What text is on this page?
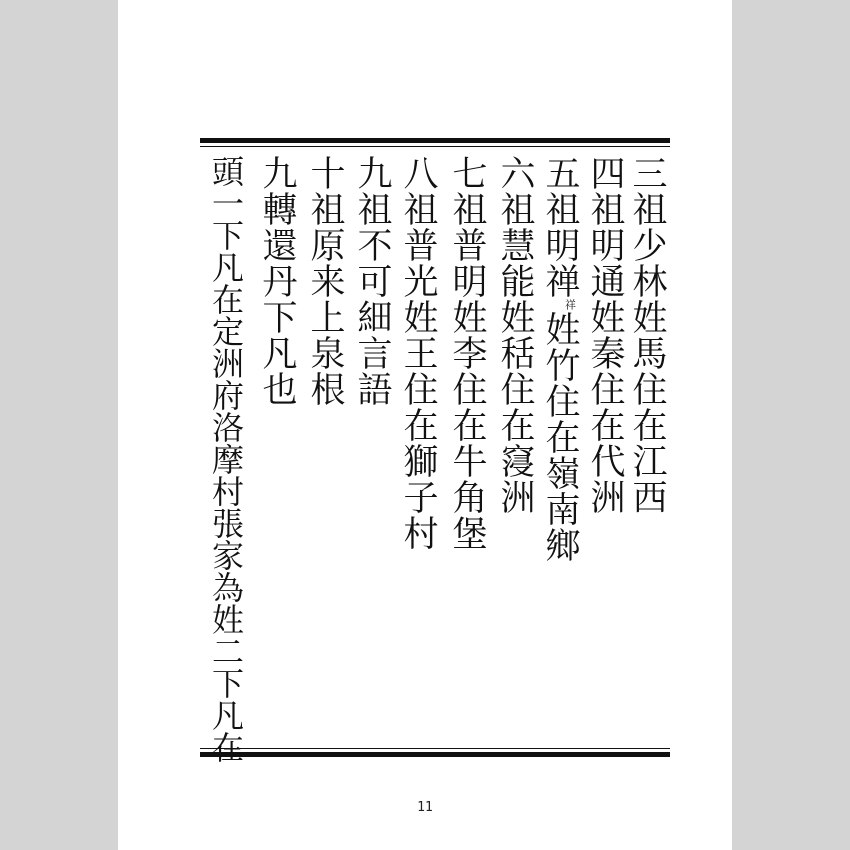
三祖少林姓馬住在江西
四祖明通姓秦住在代洲
五祖明禅祥姓竹住在嶺南鄉
六祖慧能姓秳住在䆮洲
七祖普明姓李住在牛角堡
八祖普光姓王住在獅子村
九祖不可細言語
十祖原来上泉根
九轉還丹下凡也
頭一下凡在定洲府洛摩村張家為姓二下凡在
11
